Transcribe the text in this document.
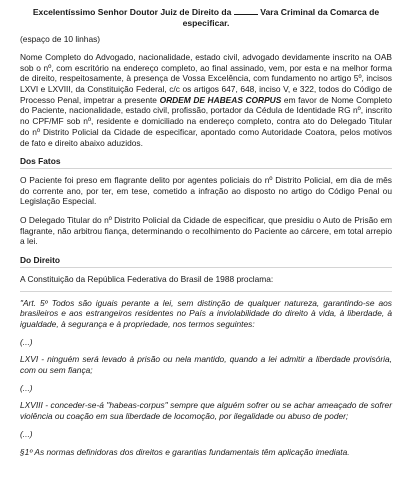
Excelentíssimo Senhor Doutor Juiz de Direito da	Vara Criminal da Comarca de especificar.

(espaço de 10 linhas)

Nome Completo do Advogado, nacionalidade, estado civil, advogado devidamente inscrito na OAB sob o nº, com escritório na endereço completo, ao final assinado, vem, por esta e na melhor forma de direito, respeitosamente, à presença de Vossa Excelência, com fundamento no artigo 5º, incisos LXVI e LXVIII, da Constituição Federal, c/c os artigos 647, 648, inciso V, e 322, todos do Código de Processo Penal, impetrar a presente ORDEM DE HABEAS CORPUS em favor de Nome Completo do Paciente, nacionalidade, estado civil, profissão, portador da Cédula de Identidade RG nº, inscrito no CPF/MF sob nº, residente e domiciliado na endereço completo, contra ato do Delegado Titular do nº Distrito Policial da Cidade de especificar, apontado como Autoridade Coatora, pelos motivos de fato e direito abaixo aduzidos.

Dos Fatos

O Paciente foi preso em flagrante delito por agentes policiais do nº Distrito Policial, em dia de mês do corrente ano, por ter, em tese, cometido a infração ao disposto no artigo do Código Penal ou Legislação Especial.

O Delegado Titular do nº Distrito Policial da Cidade de especificar, que presidiu o Auto de Prisão em flagrante, não arbitrou fiança, determinando o recolhimento do Paciente ao cárcere, em total arrepio a lei.

Do Direito

A Constituição da República Federativa do Brasil de 1988 proclama:

"Art. 5º Todos são iguais perante a lei, sem distinção de qualquer natureza, garantindo-se aos brasileiros e aos estrangeiros residentes no País a inviolabilidade do direito à vida, à liberdade, à igualdade, à segurança e à propriedade, nos termos seguintes:

(...)

LXVI - ninguém será levado à prisão ou nela mantido, quando a lei admitir a liberdade provisória, com ou sem fiança;

(...)

LXVIII - conceder-se-á "habeas-corpus" sempre que alguém sofrer ou se achar ameaçado de sofrer violência ou coação em sua liberdade de locomoção, por ilegalidade ou abuso de poder;

(...)

§1º As normas definidoras dos direitos e garantias fundamentais têm aplicação imediata.
